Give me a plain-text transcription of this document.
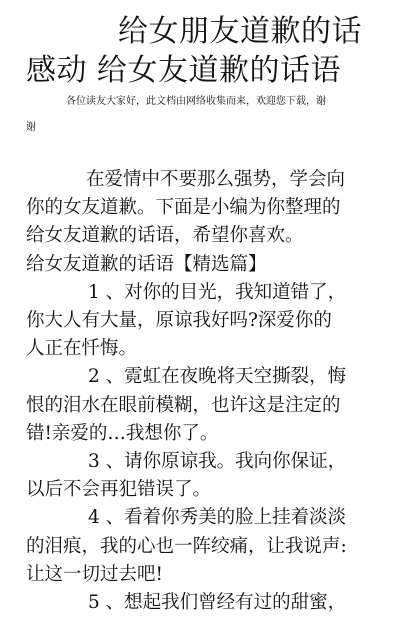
给女朋友道歉的话
感动 给女友道歉的话语
各位读友大家好，此文档由网络收集而来，欢迎您下载，谢
谢
在爱情中不要那么强势，学会向
你的女友道歉。下面是小编为你整理的
给女友道歉的话语，希望你喜欢。
给女友道歉的话语【精选篇】
1 、对你的目光，我知道错了，
你大人有大量，原谅我好吗?深爱你的
人正在忏悔。
2 、霓虹在夜晚将天空撕裂，悔
恨的泪水在眼前模糊，也许这是注定的
错!亲爱的…我想你了。
3 、请你原谅我。我向你保证，
以后不会再犯错误了。
4 、看着你秀美的脸上挂着淡淡
的泪痕，我的心也一阵绞痛，让我说声:
让这一切过去吧!
5 、想起我们曾经有过的甜蜜，
